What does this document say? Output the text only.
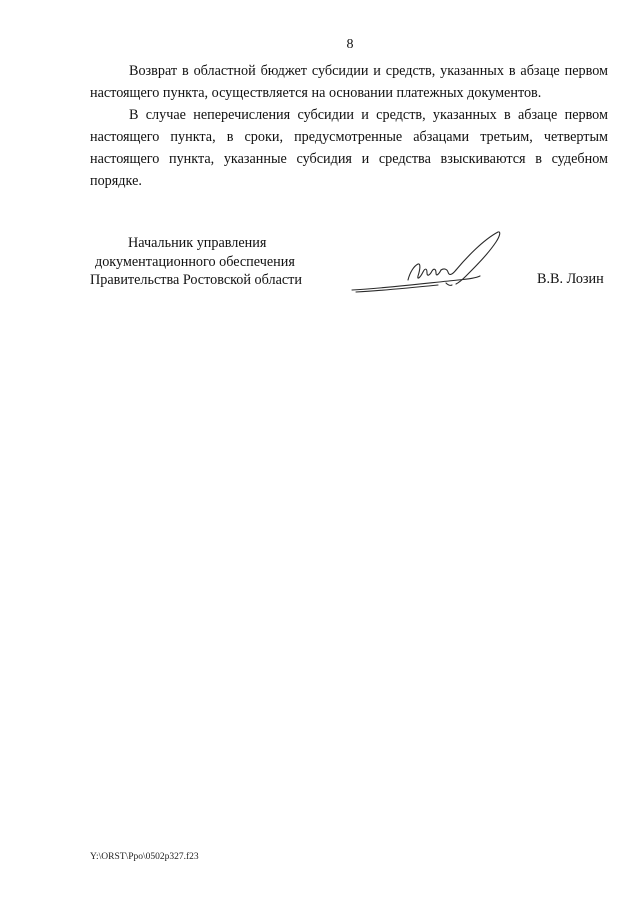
8

Возврат в областной бюджет субсидии и средств, указанных в абзаце первом настоящего пункта, осуществляется на основании платежных документов.

В случае неперечисления субсидии и средств, указанных в абзаце первом настоящего пункта, в сроки, предусмотренные абзацами третьим, четвертым настоящего пункта, указанные субсидия и средства взыскиваются в судебном порядке.

Начальник управления
документационного обеспечения
Правительства Ростовской области	В.В. Лозин
Y:\ORST\Ppo\0502p327.f23
